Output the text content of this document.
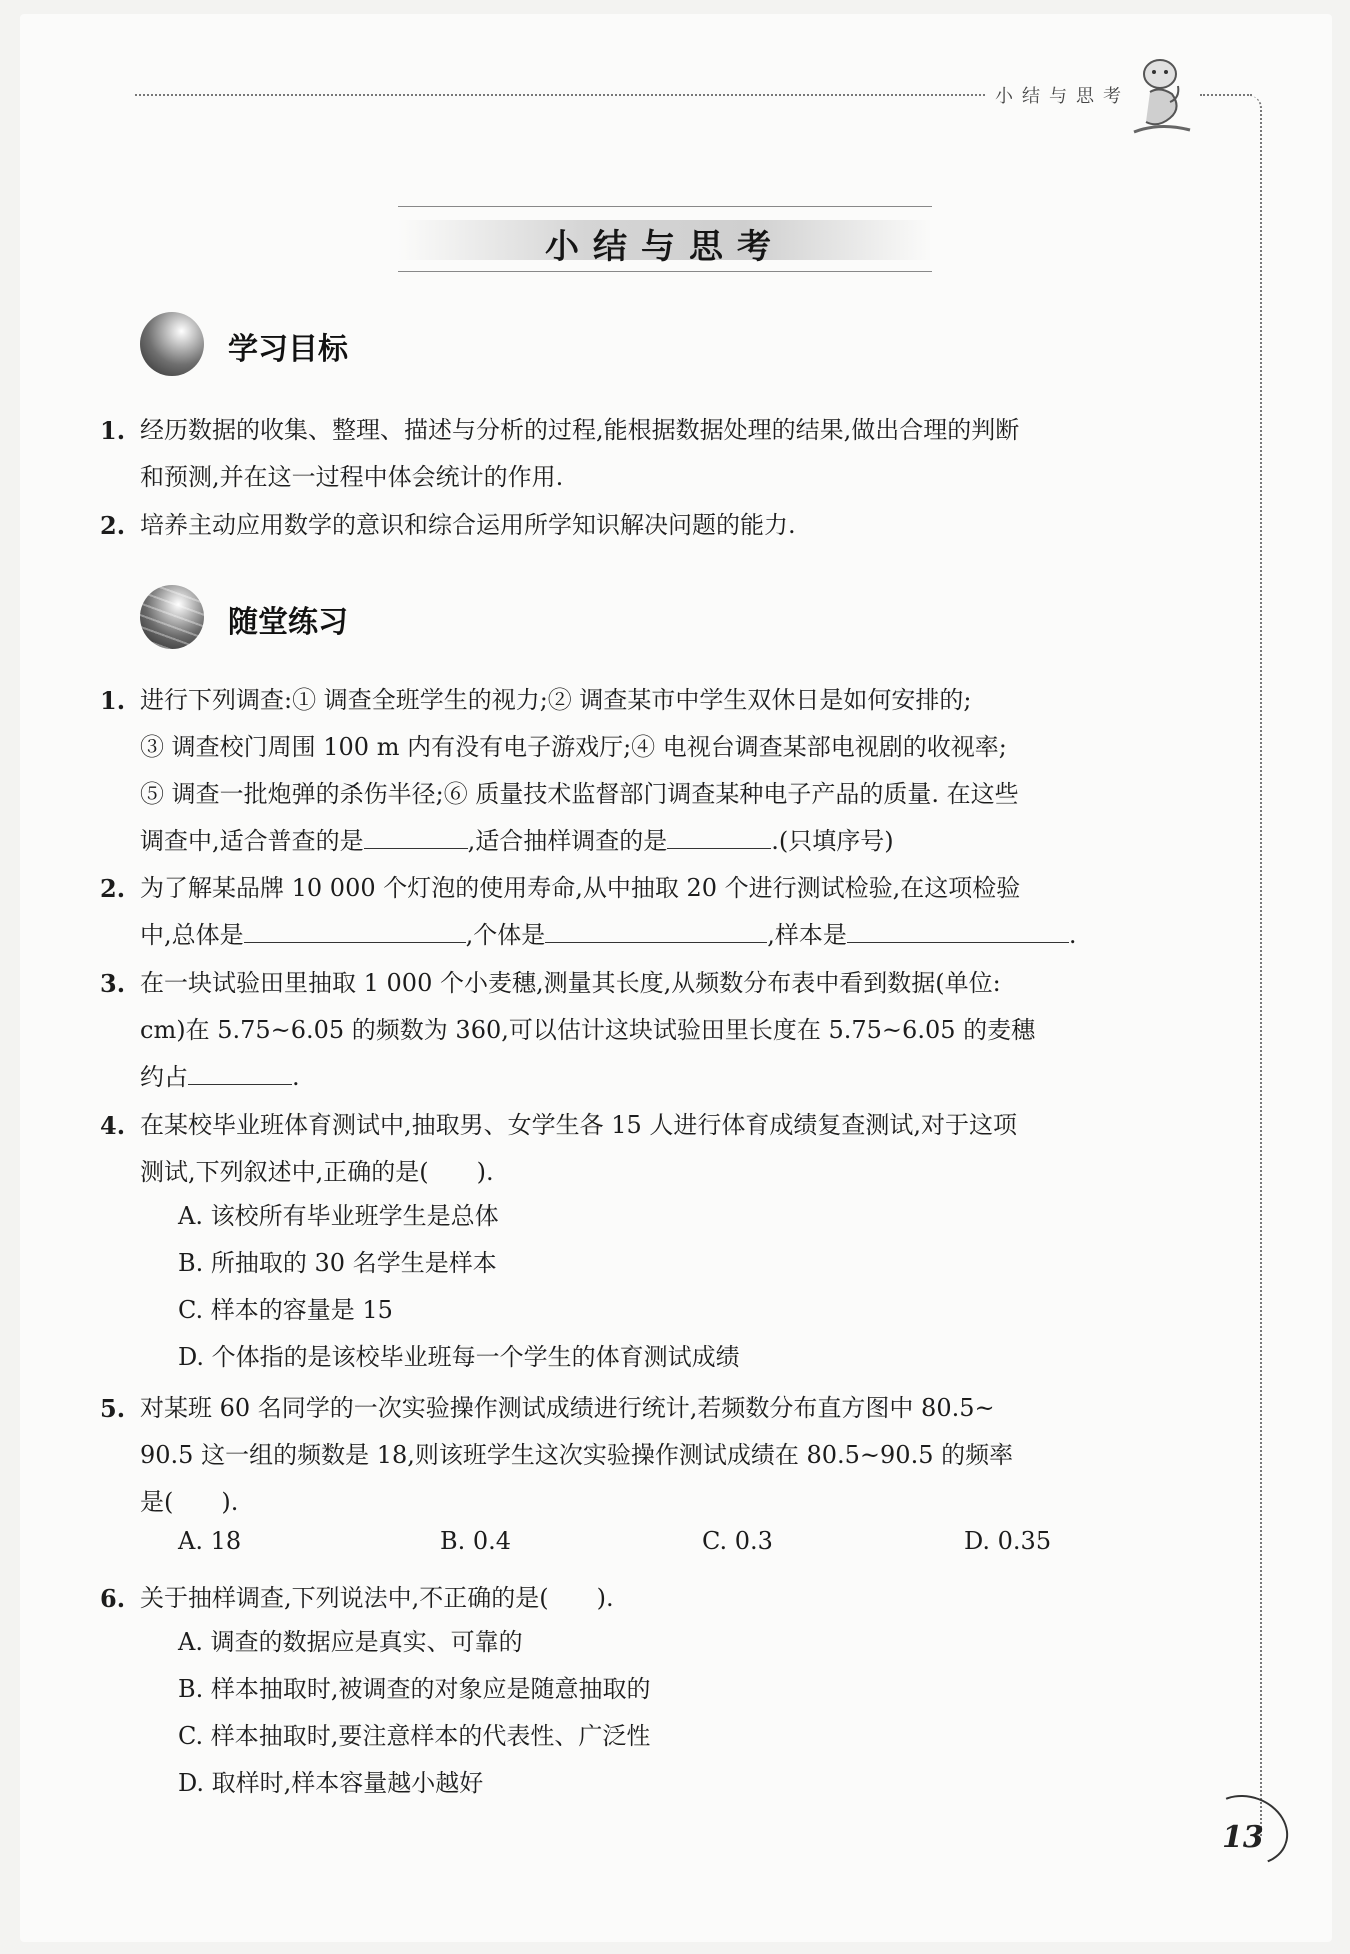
小结与思考
小结与思考
学习目标
1. 经历数据的收集、整理、描述与分析的过程,能根据数据处理的结果,做出合理的判断
和预测,并在这一过程中体会统计的作用.
2. 培养主动应用数学的意识和综合运用所学知识解决问题的能力.
随堂练习
1. 进行下列调查:① 调查全班学生的视力;② 调查某市中学生双休日是如何安排的;
③ 调查校门周围 100 m 内有没有电子游戏厅;④ 电视台调查某部电视剧的收视率;
⑤ 调查一批炮弹的杀伤半径;⑥ 质量技术监督部门调查某种电子产品的质量. 在这些
调查中,适合普查的是	,适合抽样调查的是	.(只填序号)
2. 为了解某品牌 10 000 个灯泡的使用寿命,从中抽取 20 个进行测试检验,在这项检验
中,总体是	,个体是	,样本是	.
3. 在一块试验田里抽取 1 000 个小麦穗,测量其长度,从频数分布表中看到数据(单位:
cm)在 5.75~6.05 的频数为 360,可以估计这块试验田里长度在 5.75~6.05 的麦穗
约占	.
4. 在某校毕业班体育测试中,抽取男、女学生各 15 人进行体育成绩复查测试,对于这项
测试,下列叙述中,正确的是(　　).
A. 该校所有毕业班学生是总体
B. 所抽取的 30 名学生是样本
C. 样本的容量是 15
D. 个体指的是该校毕业班每一个学生的体育测试成绩
5. 对某班 60 名同学的一次实验操作测试成绩进行统计,若频数分布直方图中 80.5~
90.5 这一组的频数是 18,则该班学生这次实验操作测试成绩在 80.5~90.5 的频率
是(　　).
A. 18	B. 0.4	C. 0.3	D. 0.35
6. 关于抽样调查,下列说法中,不正确的是(　　).
A. 调查的数据应是真实、可靠的
B. 样本抽取时,被调查的对象应是随意抽取的
C. 样本抽取时,要注意样本的代表性、广泛性
D. 取样时,样本容量越小越好
13
